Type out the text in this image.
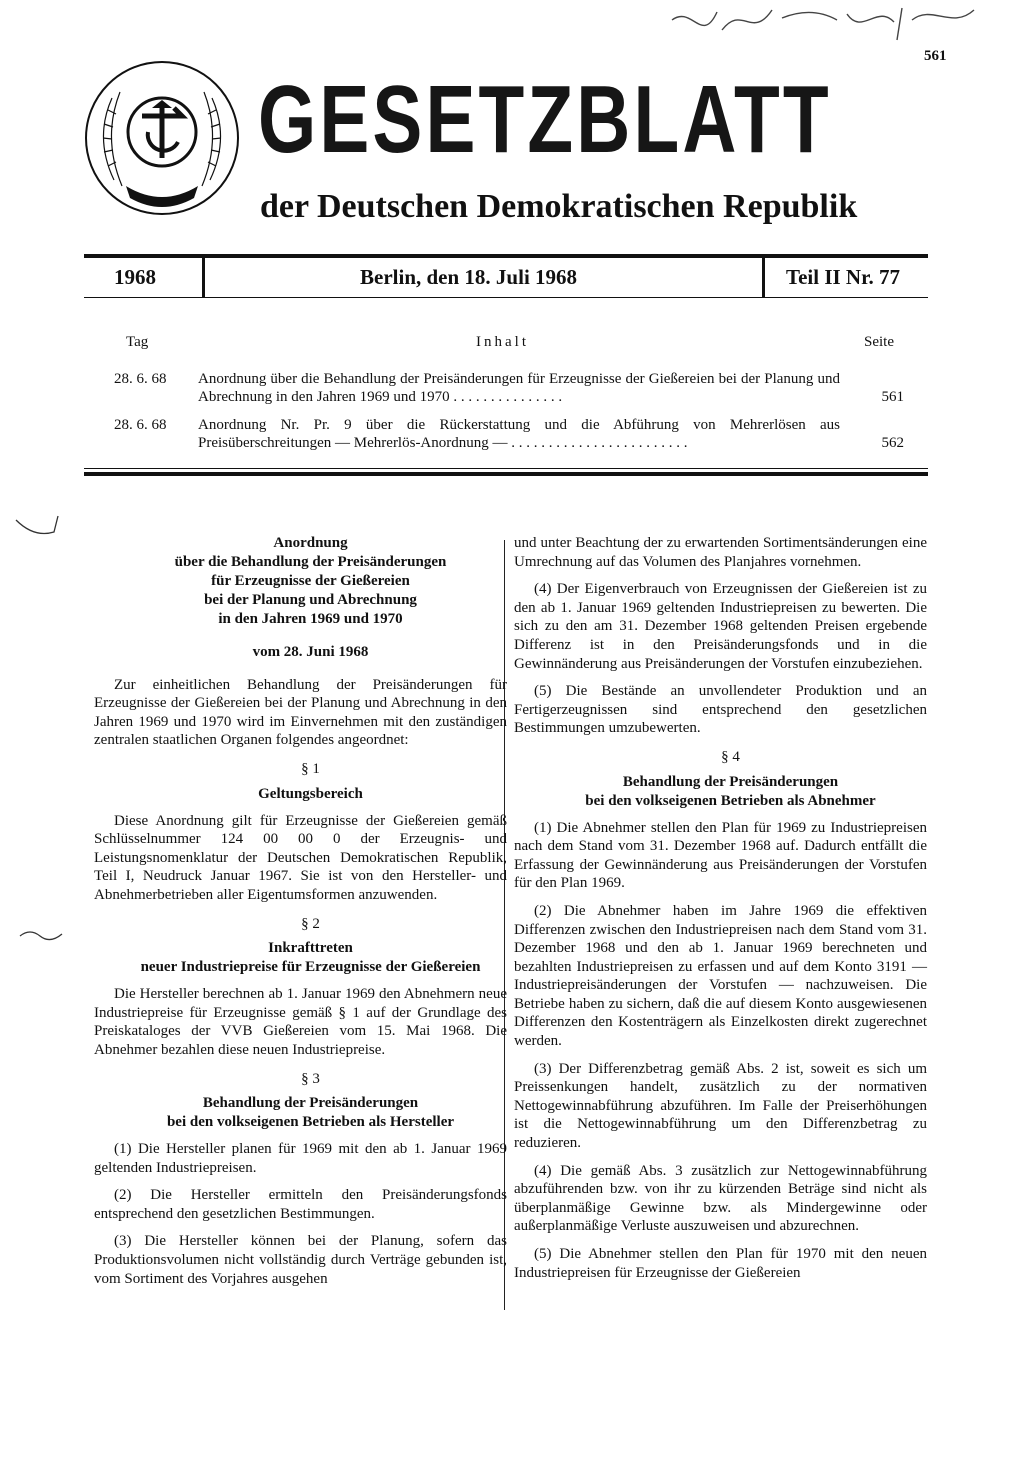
561
GESETZBLATT
der Deutschen Demokratischen Republik
1968	Berlin, den 18. Juli 1968	Teil II Nr. 77
Tag	Inhalt	Seite
28. 6. 68 Anordnung über die Behandlung der Preisänderungen für Erzeugnisse der Gießereien bei der Planung und Abrechnung in den Jahren 1969 und 1970 . . . . . . . . . . . . . . .	561
28. 6. 68 Anordnung Nr. Pr. 9 über die Rückerstattung und die Abführung von Mehrerlösen aus Preisüberschreitungen — Mehrerlös-Anordnung — . . . . . . . . . . . . . . . . . . . . . . . .	562

Anordnung

über die Behandlung der Preisänderungen

für Erzeugnisse der Gießereien

bei der Planung und Abrechnung

in den Jahren 1969 und 1970

vom 28. Juni 1968

Zur einheitlichen Behandlung der Preisänderungen für Erzeugnisse der Gießereien bei der Planung und Abrechnung in den Jahren 1969 und 1970 wird im Einvernehmen mit den zuständigen zentralen staatlichen Organen folgendes angeordnet:

§ 1

Geltungsbereich

Diese Anordnung gilt für Erzeugnisse der Gießereien gemäß Schlüsselnummer 124 00 00 0 der Erzeugnis- und Leistungsnomenklatur der Deutschen Demokratischen Republik, Teil I, Neudruck Januar 1967. Sie ist von den Hersteller- und Abnehmerbetrieben aller Eigentumsformen anzuwenden.

§ 2

Inkrafttreten

neuer Industriepreise für Erzeugnisse der Gießereien

Die Hersteller berechnen ab 1. Januar 1969 den Abnehmern neue Industriepreise für Erzeugnisse gemäß § 1 auf der Grundlage des Preiskataloges der VVB Gießereien vom 15. Mai 1968. Die Abnehmer bezahlen diese neuen Industriepreise.

§ 3

Behandlung der Preisänderungen

bei den volkseigenen Betrieben als Hersteller

(1) Die Hersteller planen für 1969 mit den ab 1. Januar 1969 geltenden Industriepreisen.

(2) Die Hersteller ermitteln den Preisänderungsfonds entsprechend den gesetzlichen Bestimmungen.

(3) Die Hersteller können bei der Planung, sofern das Produktionsvolumen nicht vollständig durch Verträge gebunden ist, vom Sortiment des Vorjahres ausgehen

und unter Beachtung der zu erwartenden Sortimentsänderungen eine Umrechnung auf das Volumen des Planjahres vornehmen.

(4) Der Eigenverbrauch von Erzeugnissen der Gießereien ist zu den ab 1. Januar 1969 geltenden Industriepreisen zu bewerten. Die sich zu den am 31. Dezember 1968 geltenden Preisen ergebende Differenz ist in den Preisänderungsfonds und in die Gewinnänderung aus Preisänderungen der Vorstufen einzubeziehen.

(5) Die Bestände an unvollendeter Produktion und an Fertigerzeugnissen sind entsprechend den gesetzlichen Bestimmungen umzubewerten.

§ 4

Behandlung der Preisänderungen

bei den volkseigenen Betrieben als Abnehmer

(1) Die Abnehmer stellen den Plan für 1969 zu Industriepreisen nach dem Stand vom 31. Dezember 1968 auf. Dadurch entfällt die Erfassung der Gewinnänderung aus Preisänderungen der Vorstufen für den Plan 1969.

(2) Die Abnehmer haben im Jahre 1969 die effektiven Differenzen zwischen den Industriepreisen nach dem Stand vom 31. Dezember 1968 und den ab 1. Januar 1969 berechneten und bezahlten Industriepreisen zu erfassen und auf dem Konto 3191 — Industriepreisänderungen der Vorstufen — nachzuweisen. Die Betriebe haben zu sichern, daß die auf diesem Konto ausgewiesenen Differenzen den Kostenträgern als Einzelkosten direkt zugerechnet werden.

(3) Der Differenzbetrag gemäß Abs. 2 ist, soweit es sich um Preissenkungen handelt, zusätzlich zu der normativen Nettogewinnabführung abzuführen. Im Falle der Preiserhöhungen ist die Nettogewinnabführung um den Differenzbetrag zu reduzieren.

(4) Die gemäß Abs. 3 zusätzlich zur Nettogewinnabführung abzuführenden bzw. von ihr zu kürzenden Beträge sind nicht als überplanmäßige Gewinne bzw. als Mindergewinne oder außerplanmäßige Verluste auszuweisen und abzurechnen.

(5) Die Abnehmer stellen den Plan für 1970 mit den neuen Industriepreisen für Erzeugnisse der Gießereien
